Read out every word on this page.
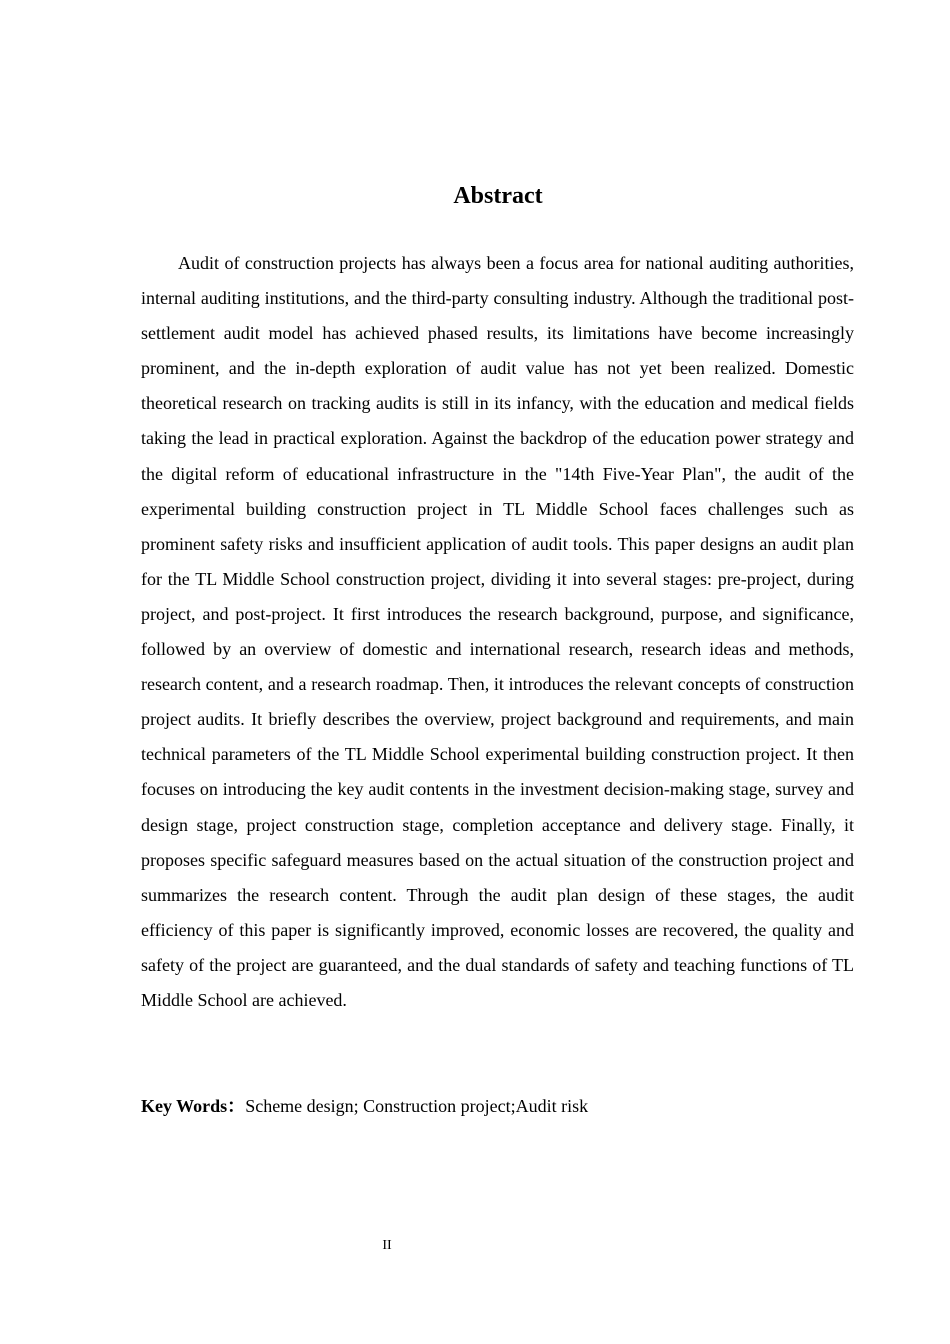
Abstract

Audit of construction projects has always been a focus area for national auditing authorities, internal auditing institutions, and the third-party consulting industry. Although the traditional post-settlement audit model has achieved phased results, its limitations have become increasingly prominent, and the in-depth exploration of audit value has not yet been realized. Domestic theoretical research on tracking audits is still in its infancy, with the education and medical fields taking the lead in practical exploration. Against the backdrop of the education power strategy and the digital reform of educational infrastructure in the "14th Five-Year Plan", the audit of the experimental building construction project in TL Middle School faces challenges such as prominent safety risks and insufficient application of audit tools. This paper designs an audit plan for the TL Middle School construction project, dividing it into several stages: pre-project, during project, and post-project. It first introduces the research background, purpose, and significance, followed by an overview of domestic and international research, research ideas and methods, research content, and a research roadmap. Then, it introduces the relevant concepts of construction project audits. It briefly describes the overview, project background and requirements, and main technical parameters of the TL Middle School experimental building construction project. It then focuses on introducing the key audit contents in the investment decision-making stage, survey and design stage, project construction stage, completion acceptance and delivery stage. Finally, it proposes specific safeguard measures based on the actual situation of the construction project and summarizes the research content. Through the audit plan design of these stages, the audit efficiency of this paper is significantly improved, economic losses are recovered, the quality and safety of the project are guaranteed, and the dual standards of safety and teaching functions of TL Middle School are achieved.

Key Words：Scheme design; Construction project;Audit risk

II
